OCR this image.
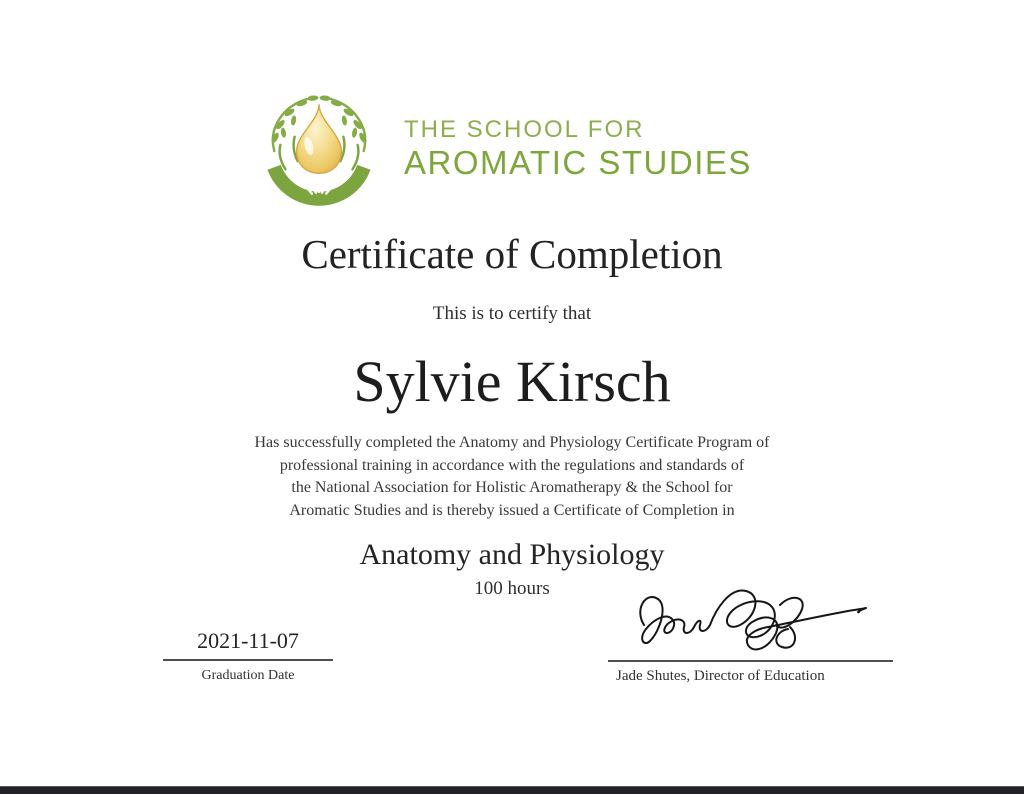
THE SCHOOL FOR
AROMATIC STUDIES
Certificate of Completion
This is to certify that
Sylvie Kirsch
Has successfully completed the Anatomy and Physiology Certificate Program of
professional training in accordance with the regulations and standards of
the National Association for Holistic Aromatherapy & the School for
Aromatic Studies and is thereby issued a Certificate of Completion in
Anatomy and Physiology
100 hours
2021-11-07
Graduation Date	Jade Shutes, Director of Education
